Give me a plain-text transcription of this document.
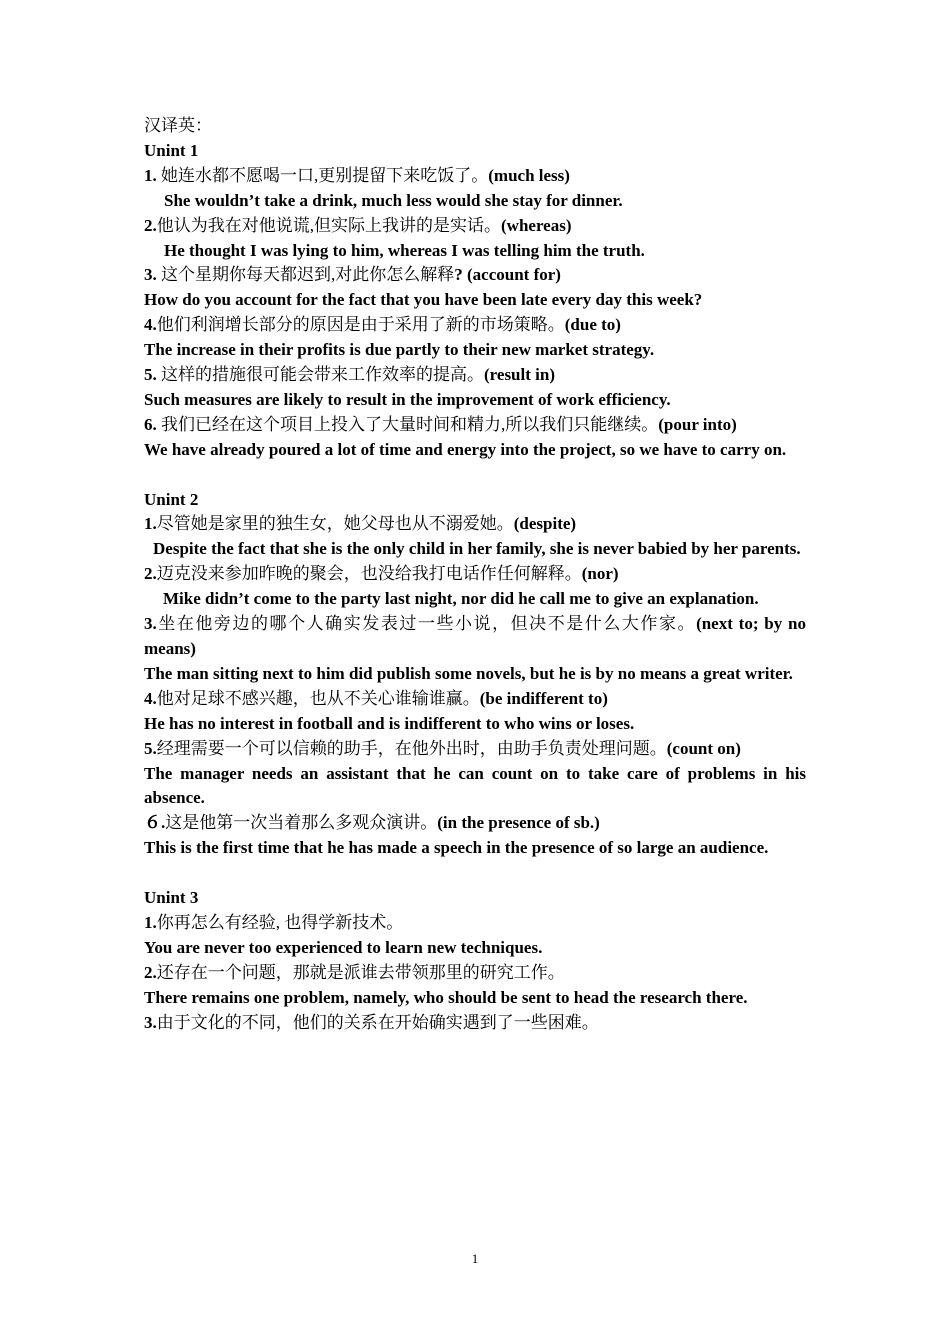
汉译英：

Unint 1

1. 她连水都不愿喝一口,更别提留下来吃饭了。(much less)

She wouldn’t take a drink, much less would she stay for dinner.

2.他认为我在对他说谎,但实际上我讲的是实话。(whereas)

He thought I was lying to him, whereas I was telling him the truth.

3. 这个星期你每天都迟到,对此你怎么解释? (account for)

How do you account for the fact that you have been late every day this week?

4.他们利润增长部分的原因是由于采用了新的市场策略。(due to)

The increase in their profits is due partly to their new market strategy.

5. 这样的措施很可能会带来工作效率的提高。(result in)

Such measures are likely to result in the improvement of work efficiency.

6. 我们已经在这个项目上投入了大量时间和精力,所以我们只能继续。(pour into)

We have already poured a lot of time and energy into the project, so we have to carry on.

Unint 2

1.尽管她是家里的独生女，她父母也从不溺爱她。(despite)

Despite the fact that she is the only child in her family, she is never babied by her parents.

2.迈克没来参加昨晚的聚会，也没给我打电话作任何解释。(nor)

Mike didn’t come to the party last night, nor did he call me to give an explanation.

3.坐在他旁边的哪个人确实发表过一些小说，但决不是什么大作家。(next to; by no means)

The man sitting next to him did publish some novels, but he is by no means a great writer.

4.他对足球不感兴趣，也从不关心谁输谁赢。(be indifferent to)

He has no interest in football and is indifferent to who wins or loses.

5.经理需要一个可以信赖的助手，在他外出时，由助手负责处理问题。(count on)

The manager needs an assistant that he can count on to take care of problems in his absence.

６.这是他第一次当着那么多观众演讲。(in the presence of sb.)

This is the first time that he has made a speech in the presence of so large an audience.

Unint 3

1.你再怎么有经验, 也得学新技术。

You are never too experienced to learn new techniques.

2.还存在一个问题，那就是派谁去带领那里的研究工作。

There remains one problem, namely, who should be sent to head the research there.

3.由于文化的不同，他们的关系在开始确实遇到了一些困难。

1
